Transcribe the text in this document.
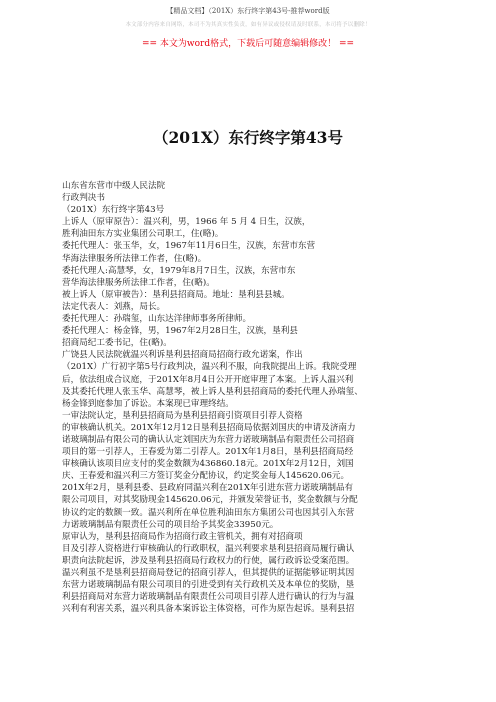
【精品文档】（201X）东行终字第43号-推荐word版
本文部分内容来自网络，本司不为其真实性负责，如有异议或侵权请及时联系，本司将予以删除！
== 本文为word格式，下载后可随意编辑修改！ ==
（201X）东行终字第43号

山东省东营市中级人民法院

行政判决书

（201X）东行终字第43号

上诉人（原审原告）：温兴利，男，1966 年 5 月 4 日生，汉族，

胜利油田东方实业集团公司职工，住(略)。

委托代理人：张玉华，女，1967年11月6日生，汉族，东营市东营

华海法律服务所法律工作者，住(略)。

委托代理人:高慧琴，女，1979年8月7日生，汉族，东营市东

营华海法律服务所法律工作者，住(略)。

被上诉人（原审被告）：垦利县招商局。地址：垦利县县城。

法定代表人：刘燕，局长。

委托代理人：孙瑞玺，山东达洋律师事务所律师。

委托代理人：杨金锋，男，1967年2月28日生，汉族，垦利县

招商局纪工委书记，住(略)。

广饶县人民法院就温兴利诉垦利县招商局招商行政允诺案，作出

（201X）广行初字第5号行政判决，温兴利不服，向我院提出上诉。我院受理

后，依法组成合议庭，于201X年8月4日公开开庭审理了本案。上诉人温兴利

及其委托代理人张玉华、高慧琴，被上诉人垦利县招商局的委托代理人孙瑞玺、

杨金锋到庭参加了诉讼。本案现已审理终结。

一审法院认定，垦利县招商局为垦利县招商引资项目引荐人资格

的审核确认机关。201X年12月12日垦利县招商局依据刘国庆的申请及济南力

诺玻璃制品有限公司的确认认定刘国庆为东营力诺玻璃制品有限责任公司招商

项目的第一引荐人，王春爱为第二引荐人。201X年1月8日，垦利县招商局经

审核确认该项目应支付的奖金数额为436860.18元。201X年2月12日，刘国

庆、王春爱和温兴利三方签订奖金分配协议，约定奖金每人145620.06元。

201X年2月，垦利县委、县政府同温兴利在201X年引进东营力诺玻璃制品有

限公司项目，对其奖励现金145620.06元，并颁发荣誉证书，奖金数额与分配

协议约定的数额一致。温兴利所在单位胜利油田东方集团公司也因其引入东营

力诺玻璃制品有限责任公司的项目给予其奖金33950元。

原审认为，垦利县招商局作为招商行政主管机关，拥有对招商项

目及引荐人资格进行审核确认的行政职权，温兴利要求垦利县招商局履行确认

职责向法院起诉，涉及垦利县招商局行政权力的行使，属行政诉讼受案范围。

温兴利虽不是垦利县招商局登记的招商引荐人，但其提供的证据能够证明其因

东营力诺玻璃制品有限公司项目的引进受到有关行政机关及本单位的奖励，垦

利县招商局对东营力诺玻璃制品有限责任公司项目引荐人进行确认的行为与温

兴利有利害关系，温兴利具备本案诉讼主体资格，可作为原告起诉。垦利县招
